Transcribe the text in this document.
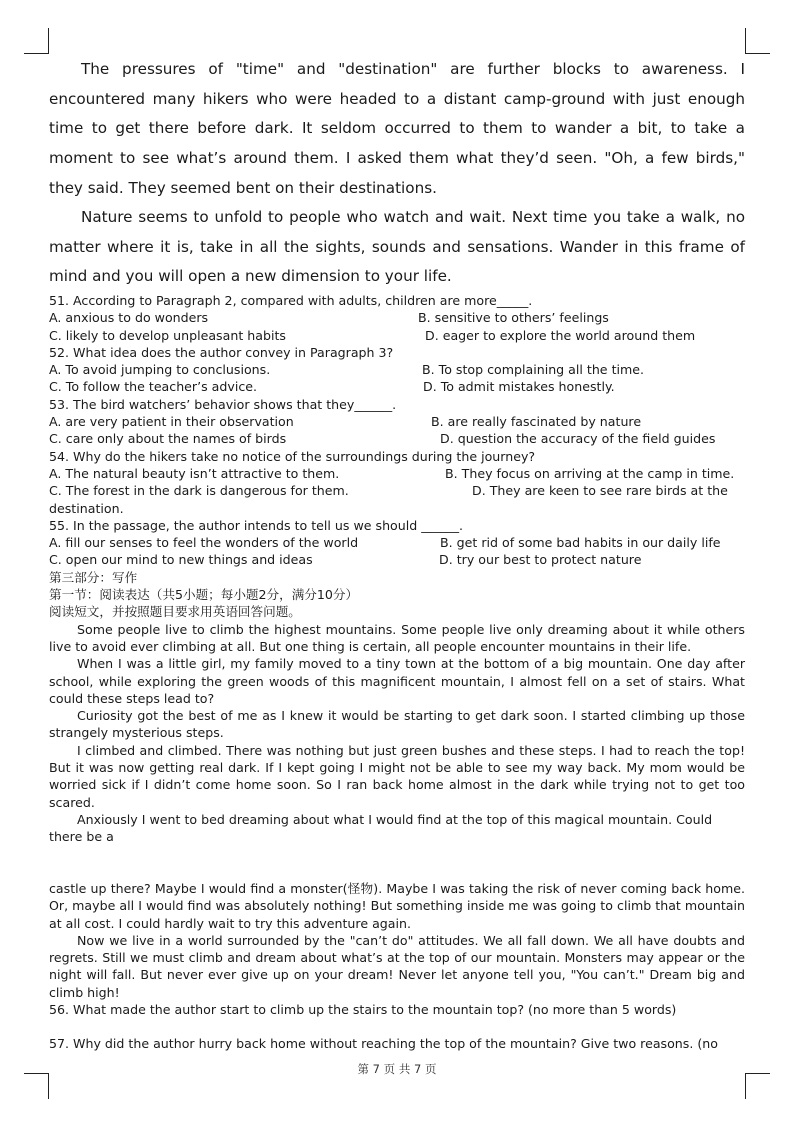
The pressures of "time" and "destination" are further blocks to awareness. I encountered many hikers who were headed to a distant camp-ground with just enough time to get there before dark. It seldom occurred to them to wander a bit, to take a moment to see what’s around them. I asked them what they’d seen. "Oh, a few birds," they said. They seemed bent on their destinations.

Nature seems to unfold to people who watch and wait. Next time you take a walk, no matter where it is, take in all the sights, sounds and sensations. Wander in this frame of mind and you will open a new dimension to your life.

51. According to Paragraph 2, compared with adults, children are more_____.
A. anxious to do wonders	B. sensitive to others’ feelings
C. likely to develop unpleasant habits	D. eager to explore the world around them
52. What idea does the author convey in Paragraph 3?
A. To avoid jumping to conclusions.	B. To stop complaining all the time.
C. To follow the teacher’s advice.	D. To admit mistakes honestly.
53. The bird watchers’ behavior shows that they______.
A. are very patient in their observation	B. are really fascinated by nature
C. care only about the names of birds	D. question the accuracy of the field guides
54. Why do the hikers take no notice of the surroundings during the journey?
A. The natural beauty isn’t attractive to them.	B. They focus on arriving at the camp in time.
C. The forest in the dark is dangerous for them.	D. They are keen to see rare birds at the
destination.
55. In the passage, the author intends to tell us we should ______.
A. fill our senses to feel the wonders of the world	B. get rid of some bad habits in our daily life
C. open our mind to new things and ideas	D. try our best to protect nature
第三部分：写作
第一节：阅读表达（共5小题；每小题2分，满分10分）
阅读短文，并按照题目要求用英语回答问题。

Some people live to climb the highest mountains. Some people live only dreaming about it while others live to avoid ever climbing at all. But one thing is certain, all people encounter mountains in their life.

When I was a little girl, my family moved to a tiny town at the bottom of a big mountain. One day after school, while exploring the green woods of this magnificent mountain, I almost fell on a set of stairs. What could these steps lead to?

Curiosity got the best of me as I knew it would be starting to get dark soon. I started climbing up those strangely mysterious steps.

I climbed and climbed. There was nothing but just green bushes and these steps. I had to reach the top! But it was now getting real dark. If I kept going I might not be able to see my way back. My mom would be worried sick if I didn’t come home soon. So I ran back home almost in the dark while trying not to get too scared.

Anxiously I went to bed dreaming about what I would find at the top of this magical mountain. Could there be a

castle up there? Maybe I would find a monster(怪物). Maybe I was taking the risk of never coming back home. Or, maybe all I would find was absolutely nothing! But something inside me was going to climb that mountain at all cost. I could hardly wait to try this adventure again.

Now we live in a world surrounded by the "can’t do" attitudes. We all fall down. We all have doubts and regrets. Still we must climb and dream about what’s at the top of our mountain. Monsters may appear or the night will fall. But never ever give up on your dream! Never let anyone tell you, "You can’t." Dream big and climb high!

56. What made the author start to climb up the stairs to the mountain top? (no more than 5 words)
57. Why did the author hurry back home without reaching the top of the mountain? Give two reasons. (no
第 7 页 共 7 页
